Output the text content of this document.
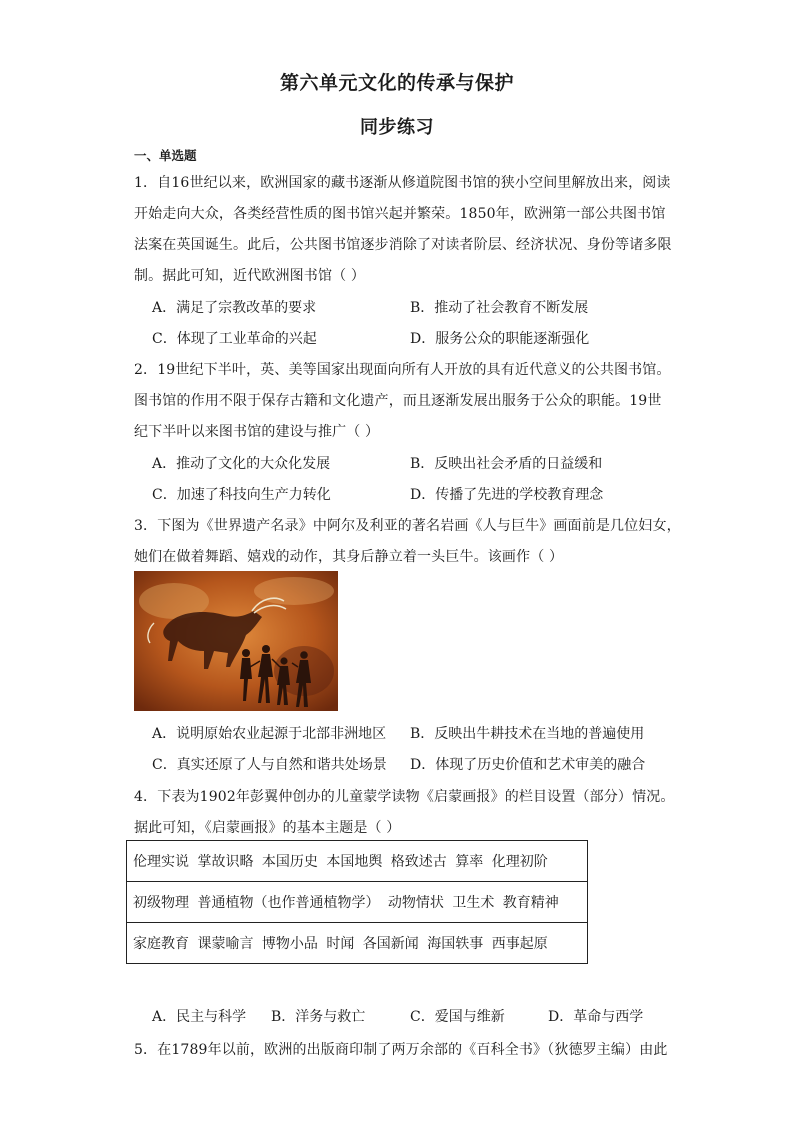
第六单元文化的传承与保护
同步练习
一、单选题
1．自16世纪以来，欧洲国家的藏书逐渐从修道院图书馆的狭小空间里解放出来，阅读
开始走向大众，各类经营性质的图书馆兴起并繁荣。1850年，欧洲第一部公共图书馆
法案在英国诞生。此后，公共图书馆逐步消除了对读者阶层、经济状况、身份等诸多限
制。据此可知，近代欧洲图书馆（ ）
A．满足了宗教改革的要求	B．推动了社会教育不断发展
C．体现了工业革命的兴起	D．服务公众的职能逐渐强化
2．19世纪下半叶，英、美等国家出现面向所有人开放的具有近代意义的公共图书馆。
图书馆的作用不限于保存古籍和文化遗产，而且逐渐发展出服务于公众的职能。19世
纪下半叶以来图书馆的建设与推广（ ）
A．推动了文化的大众化发展	B．反映出社会矛盾的日益缓和
C．加速了科技向生产力转化	D．传播了先进的学校教育理念
3．下图为《世界遗产名录》中阿尔及利亚的著名岩画《人与巨牛》画面前是几位妇女，
她们在做着舞蹈、嬉戏的动作，其身后静立着一头巨牛。该画作（ ）
A．说明原始农业起源于北部非洲地区 B．反映出牛耕技术在当地的普遍使用
C．真实还原了人与自然和谐共处场景 D．体现了历史价值和艺术审美的融合
4．下表为1902年彭翼仲创办的儿童蒙学读物《启蒙画报》的栏目设置（部分）情况。
据此可知，《启蒙画报》的基本主题是（ ）
伦理实说 掌故识略 本国历史 本国地舆 格致述古 算率 化理初阶
初级物理 普通植物（也作普通植物学） 动物情状 卫生术 教育精神
家庭教育 课蒙喻言 博物小品 时闻 各国新闻 海国轶事 西事起原
A．民主与科学 B．洋务与救亡	C．爱国与维新	D．革命与西学
5．在1789年以前，欧洲的出版商印制了两万余部的《百科全书》（狄德罗主编）由此
